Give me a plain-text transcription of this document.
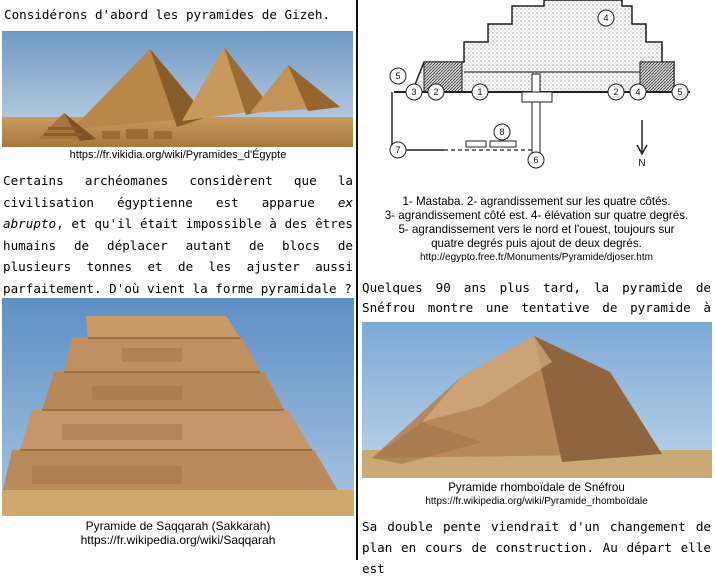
Considérons d'abord les pyramides de Gizeh.
https://fr.vikidia.org/wiki/Pyramides_d'Égypte
Certains archéomanes considèrent que la civilisation égyptienne est apparue ex abrupto, et qu'il était impossible à des êtres humains de déplacer autant de blocs de plusieurs tonnes et de les ajuster aussi parfaitement. D'où vient la forme pyramidale ?
Pyramide de Saqqarah (Sakkarah)
https://fr.wikipedia.org/wiki/Saqqarah
4
5
3 2	1	2 4	5
7
8
6	N
1- Mastaba. 2- agrandissement sur les quatre côtés.
3- agrandissement côté est. 4- élévation sur quatre degrés.
5- agrandissement vers le nord et l'ouest, toujours sur
quatre degrés puis ajout de deux degrés.
http://egypto.free.fr/Monuments/Pyramide/djoser.htm
Quelques 90 ans plus tard, la pyramide de Snéfrou montre une tentative de pyramide à
Pyramide rhomboïdale de Snéfrou
https://fr.wikipedia.org/wiki/Pyramide_rhomboïdale
Sa double pente viendrait d'un changement de plan en cours de construction. Au départ elle est
